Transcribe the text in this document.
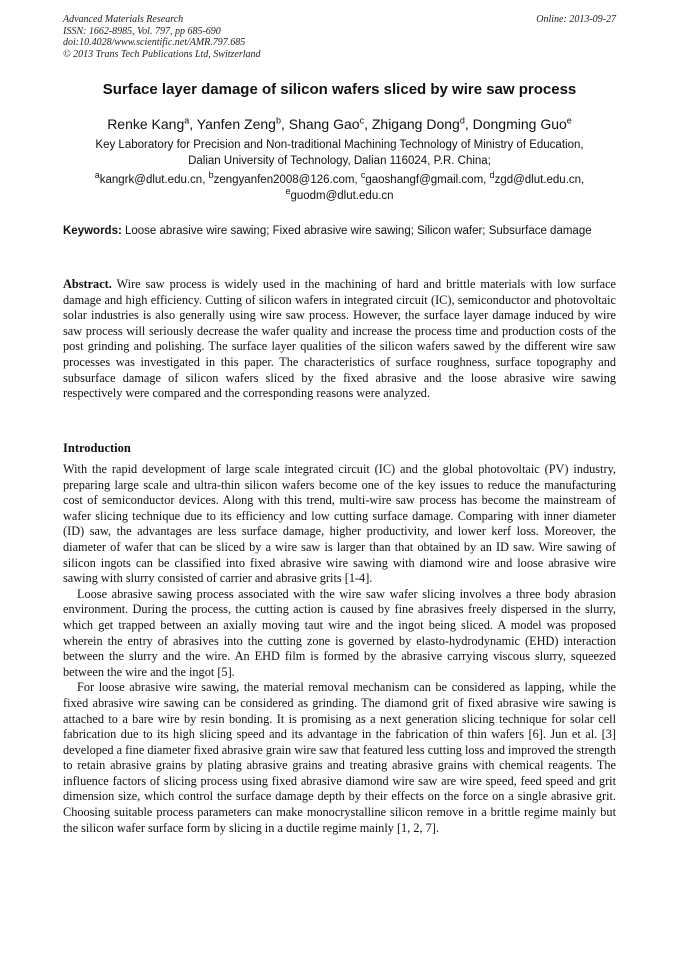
Advanced Materials Research
ISSN: 1662-8985, Vol. 797, pp 685-690
doi:10.4028/www.scientific.net/AMR.797.685
© 2013 Trans Tech Publications Ltd, Switzerland
Online: 2013-09-27
Surface layer damage of silicon wafers sliced by wire saw process
Renke Kang$^a$, Yanfen Zeng$^b$, Shang Gao$^c$, Zhigang Dong$^d$, Dongming Guo$^e$
Key Laboratory for Precision and Non-traditional Machining Technology of Ministry of Education,
Dalian University of Technology, Dalian 116024, P.R. China;
$^a$kangrk@dlut.edu.cn, $^b$zengyanfen2008@126.com, $^c$gaoshangf@gmail.com, $^d$zgd@dlut.edu.cn,
$^e$guodm@dlut.edu.cn
Keywords: Loose abrasive wire sawing; Fixed abrasive wire sawing; Silicon wafer; Subsurface damage
Abstract. Wire saw process is widely used in the machining of hard and brittle materials with low surface damage and high efficiency. Cutting of silicon wafers in integrated circuit (IC), semiconductor and photovoltaic solar industries is also generally using wire saw process. However, the surface layer damage induced by wire saw process will seriously decrease the wafer quality and increase the process time and production costs of the post grinding and polishing. The surface layer qualities of the silicon wafers sawed by the different wire saw processes was investigated in this paper. The characteristics of surface roughness, surface topography and subsurface damage of silicon wafers sliced by the fixed abrasive and the loose abrasive wire sawing respectively were compared and the corresponding reasons were analyzed.
Introduction

With the rapid development of large scale integrated circuit (IC) and the global photovoltaic (PV) industry, preparing large scale and ultra-thin silicon wafers become one of the key issues to reduce the manufacturing cost of semiconductor devices. Along with this trend, multi-wire saw process has become the mainstream of wafer slicing technique due to its efficiency and low cutting surface damage. Comparing with inner diameter (ID) saw, the advantages are less surface damage, higher productivity, and lower kerf loss. Moreover, the diameter of wafer that can be sliced by a wire saw is larger than that obtained by an ID saw. Wire sawing of silicon ingots can be classified into fixed abrasive wire sawing with diamond wire and loose abrasive wire sawing with slurry consisted of carrier and abrasive grits [1-4].

Loose abrasive sawing process associated with the wire saw wafer slicing involves a three body abrasion environment. During the process, the cutting action is caused by fine abrasives freely dispersed in the slurry, which get trapped between an axially moving taut wire and the ingot being sliced. A model was proposed wherein the entry of abrasives into the cutting zone is governed by elasto-hydrodynamic (EHD) interaction between the slurry and the wire. An EHD film is formed by the abrasive carrying viscous slurry, squeezed between the wire and the ingot [5].

For loose abrasive wire sawing, the material removal mechanism can be considered as lapping, while the fixed abrasive wire sawing can be considered as grinding. The diamond grit of fixed abrasive wire sawing is attached to a bare wire by resin bonding. It is promising as a next generation slicing technique for solar cell fabrication due to its high slicing speed and its advantage in the fabrication of thin wafers [6]. Jun et al. [3] developed a fine diameter fixed abrasive grain wire saw that featured less cutting loss and improved the strength to retain abrasive grains by plating abrasive grains and treating abrasive grains with chemical reagents. The influence factors of slicing process using fixed abrasive diamond wire saw are wire speed, feed speed and grit dimension size, which control the surface damage depth by their effects on the force on a single abrasive grit. Choosing suitable process parameters can make monocrystalline silicon remove in a brittle regime mainly but the silicon wafer surface form by slicing in a ductile regime mainly [1, 2, 7].
